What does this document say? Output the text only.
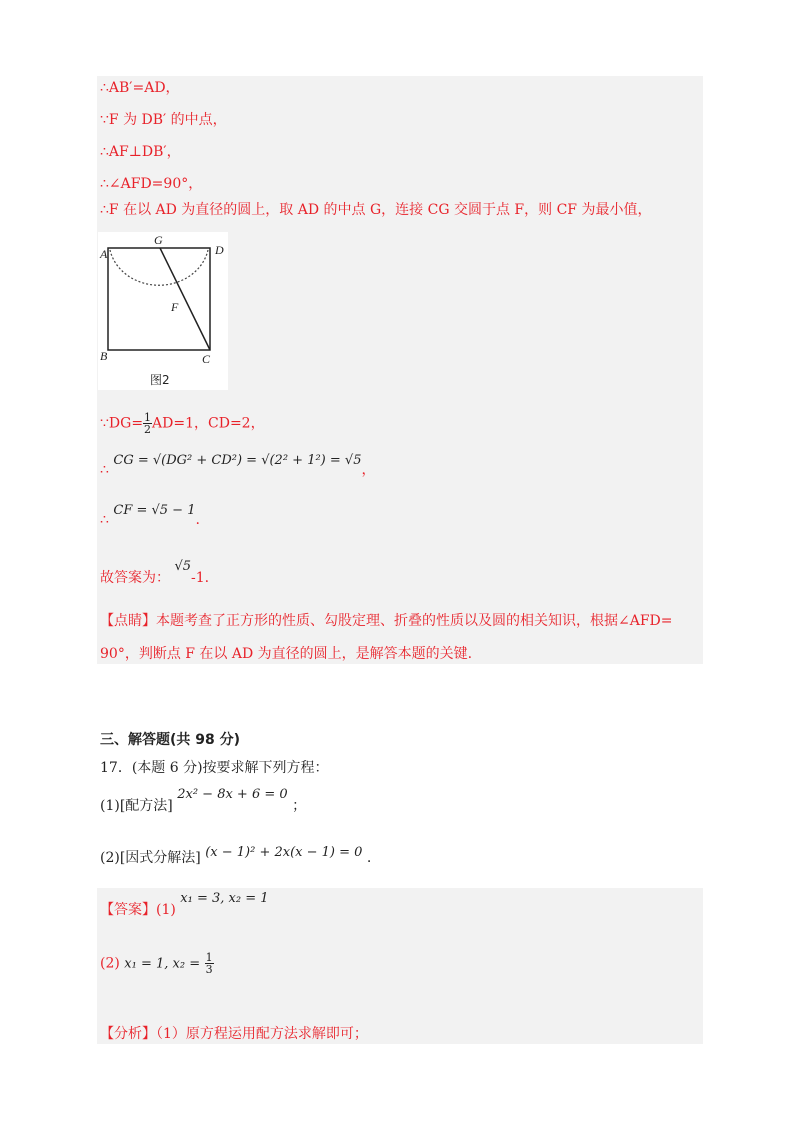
∴AB′=AD，
∵F 为 DB′ 的中点，
∴AF⊥DB′，
∴∠AFD=90°，
∴F 在以 AD 为直径的圆上，取 AD 的中点 G，连接 CG 交圆于点 F，则 CF 为最小值，
A
G
D
F
B	C
图2
∵DG= $\frac{1}{2} AD=1$，CD=2，
∴ CG = √(DG² + CD²) = √(2² + 1²) = √5，
∴ CF = √5 − 1.
故答案为： √5-1.
【点睛】本题考查了正方形的性质、勾股定理、折叠的性质以及圆的相关知识，根据∠AFD=
90°，判断点 F 在以 AD 为直径的圆上，是解答本题的关键.
三、解答题(共 98 分)
17．(本题 6 分)按要求解下列方程：
(1)[配方法] 2x² − 8x + 6 = 0 ；
(2)[因式分解法] (x − 1)² + 2x(x − 1) = 0 .
【答案】(1) x₁ = 3, x₂ = 1
(2) x₁ = 1, $x_2 = \frac{1}{3}$
【分析】（1）原方程运用配方法求解即可；
